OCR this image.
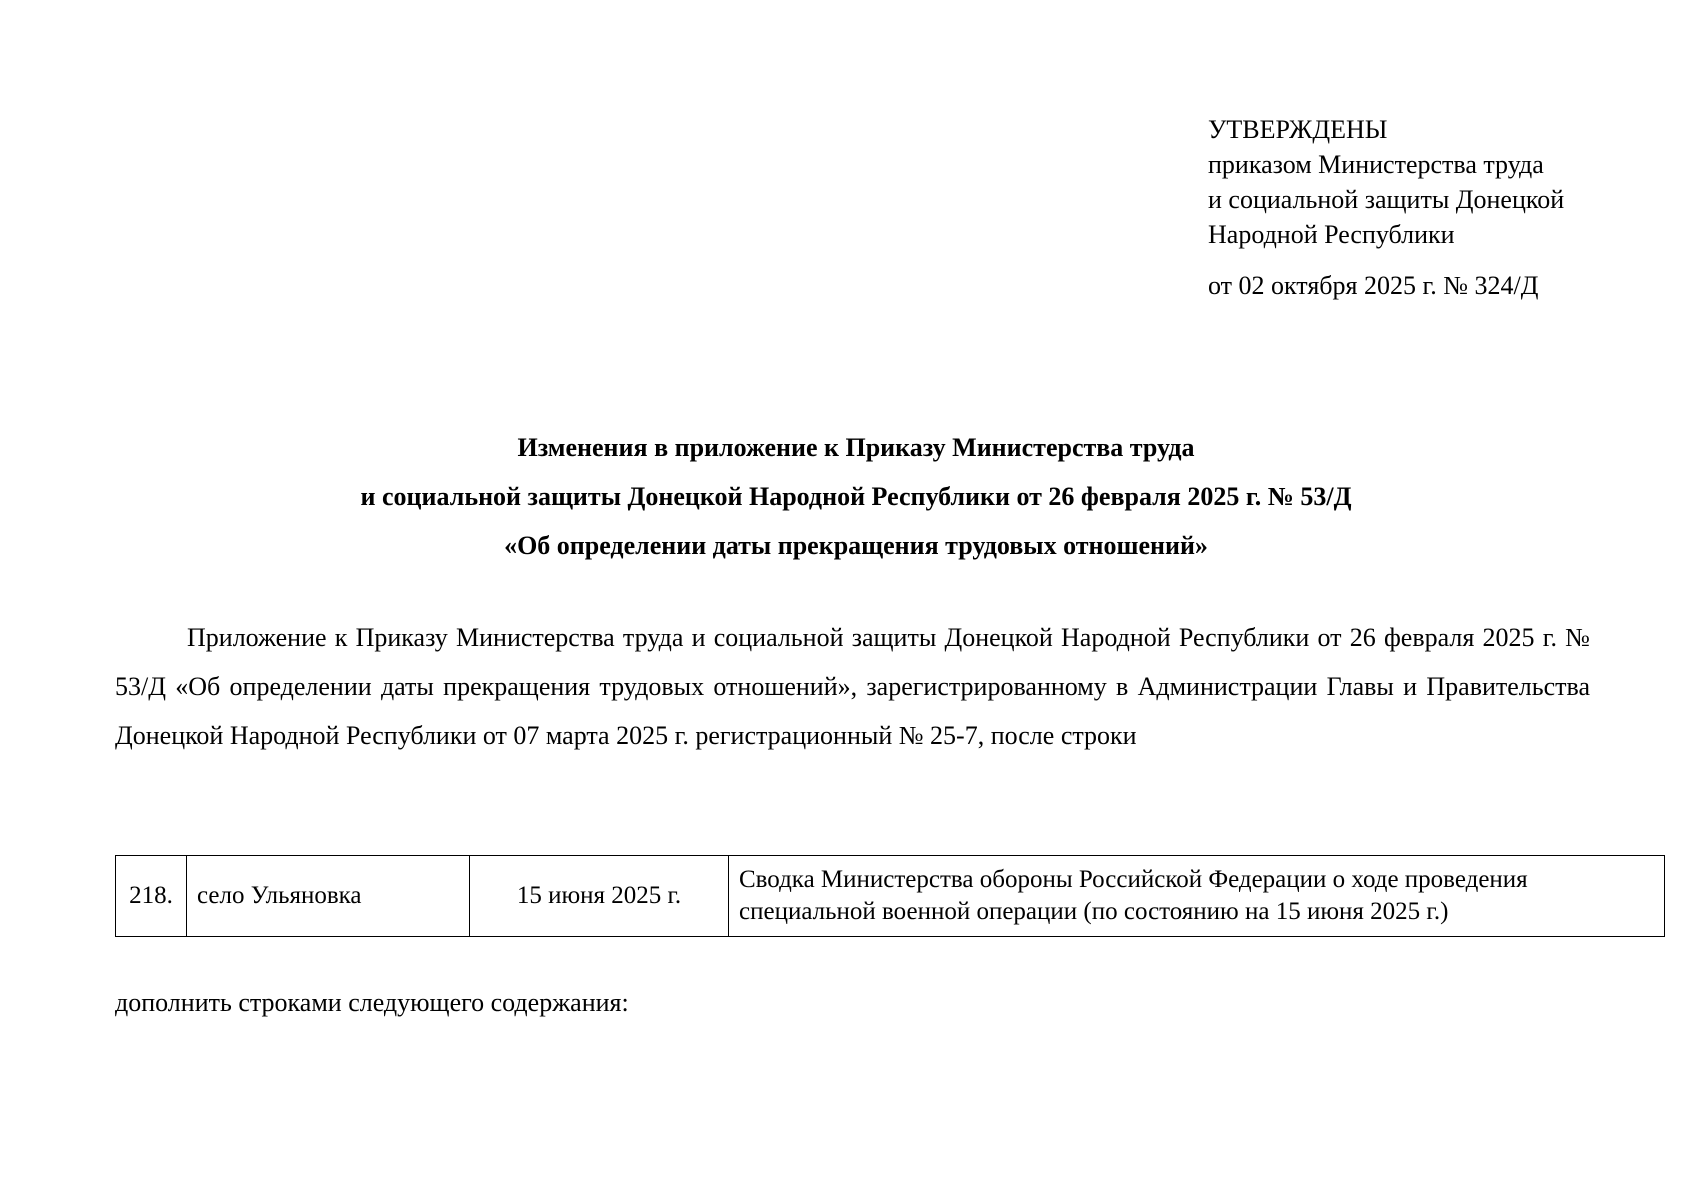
УТВЕРЖДЕНЫ
приказом Министерства труда
и социальной защиты Донецкой
Народной Республики
от 02 октября 2025 г. № 324/Д
Изменения в приложение к Приказу Министерства труда
и социальной защиты Донецкой Народной Республики от 26 февраля 2025 г. № 53/Д
«Об определении даты прекращения трудовых отношений»
Приложение к Приказу Министерства труда и социальной защиты Донецкой Народной Республики от 26 февраля 2025 г. № 53/Д «Об определении даты прекращения трудовых отношений», зарегистрированному в Администрации Главы и Правительства Донецкой Народной Республики от 07 марта 2025 г. регистрационный № 25-7, после строки
218.	село Ульяновка	15 июня 2025 г.	Сводка Министерства обороны Российской Федерации о ходе проведения специальной военной операции (по состоянию на 15 июня 2025 г.)
дополнить строками следующего содержания:
